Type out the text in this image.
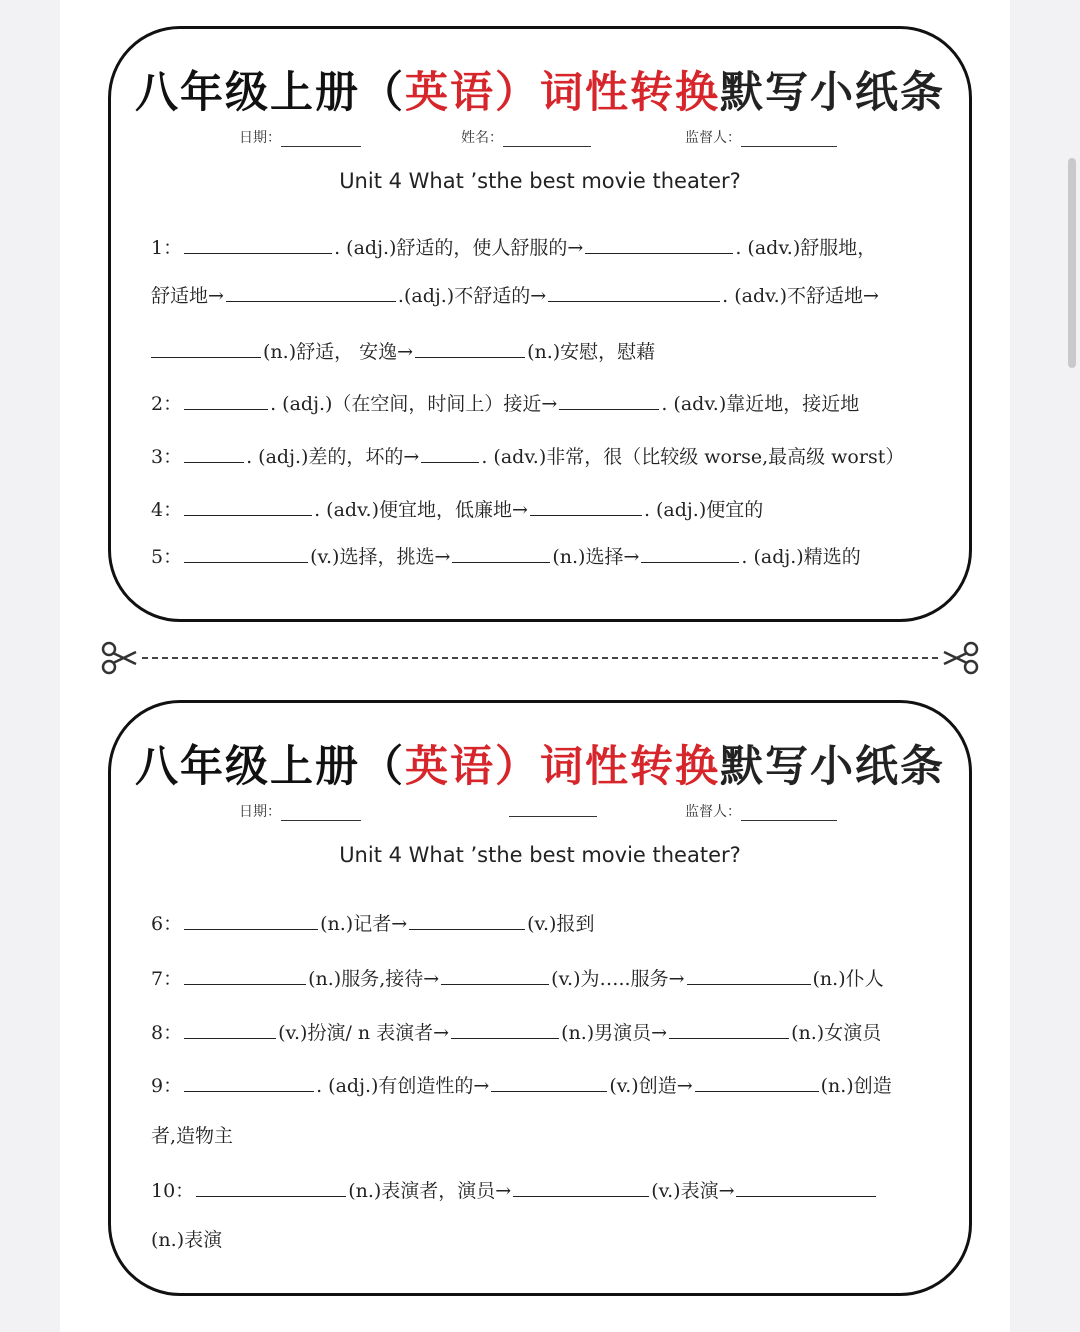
八年级上册（英语）词性转换默写小纸条
日期：	姓名：	监督人：
Unit 4 What ’sthe best movie theater?
1：	. (adj.)舒适的，使人舒服的→	. (adv.)舒服地，
舒适地→	.(adj.)不舒适的→	. (adv.)不舒适地→
(n.)舒适， 安逸→	(n.)安慰，慰藉
2：	. (adj.)（在空间，时间上）接近→	. (adv.)靠近地，接近地
3：	. (adj.)差的，坏的→	. (adv.)非常，很（比较级 worse,最高级 worst）
4：	. (adv.)便宜地，低廉地→	. (adj.)便宜的
5：	(v.)选择，挑选→	(n.)选择→	. (adj.)精选的
八年级上册（英语）词性转换默写小纸条
日期：	监督人：
Unit 4 What ’sthe best movie theater?
6：	(n.)记者→	(v.)报到
7：	(n.)服务,接待→	(v.)为…..服务→	(n.)仆人
8：	(v.)扮演/ n 表演者→	(n.)男演员→	(n.)女演员
9：	. (adj.)有创造性的→	(v.)创造→	(n.)创造
者,造物主
10：	(n.)表演者，演员→	(v.)表演→
(n.)表演
